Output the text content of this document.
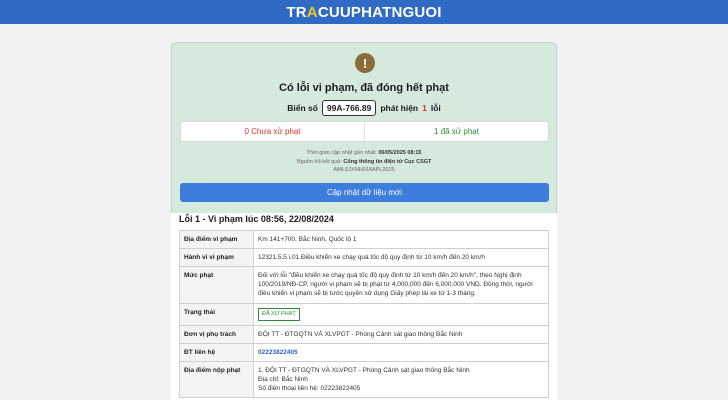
TRACUUPHATNGUOI
!
Có lỗi vi phạm, đã đóng hết phạt
Biển số	99A-766.89	phát hiện 1 lỗi
0 Chưa xử phạt	1 đã xử phạt
Thời gian cập nhật gần nhất: 06/05/2025 08:15
Nguồn trả kết quả: Cổng thông tin điện tử Cục CSGT
AMLSJXNH918APL2025
Cập nhật dữ liệu mới
Lỗi 1 - Vi phạm lúc 08:56, 22/08/2024
Địa điểm vi phạm	Km 141+700, Bắc Ninh, Quốc lộ 1
Hành vi vi phạm	12321.5.5.i.01.Điều khiển xe chạy quá tốc độ quy định từ 10 km/h đến 20 km/h
Mức phạt	Đối với lỗi "điều khiển xe chạy quá tốc độ quy định từ 10 km/h đến 20 km/h", theo Nghị định 100/2019/NĐ-CP, người vi phạm sẽ bị phạt từ 4,000,000 đến 6,000,000 VND. Đồng thời, người điều khiển vi phạm sẽ bị tước quyền sử dụng Giấy phép lái xe từ 1-3 tháng.
Trạng thái	ĐÃ XỬ PHẠT
Đơn vị phụ trách	ĐỘI TT - ĐTGQTN VÀ XLVPGT - Phòng Cảnh sát giao thông Bắc Ninh
ĐT liên hệ	02223822405
Địa điểm nộp phạt	1. ĐỘI TT - ĐTGQTN VÀ XLVPGT - Phòng Cảnh sát giao thông Bắc Ninh
Địa chỉ: Bắc Ninh
Số điện thoại liên hệ: 02223822405
